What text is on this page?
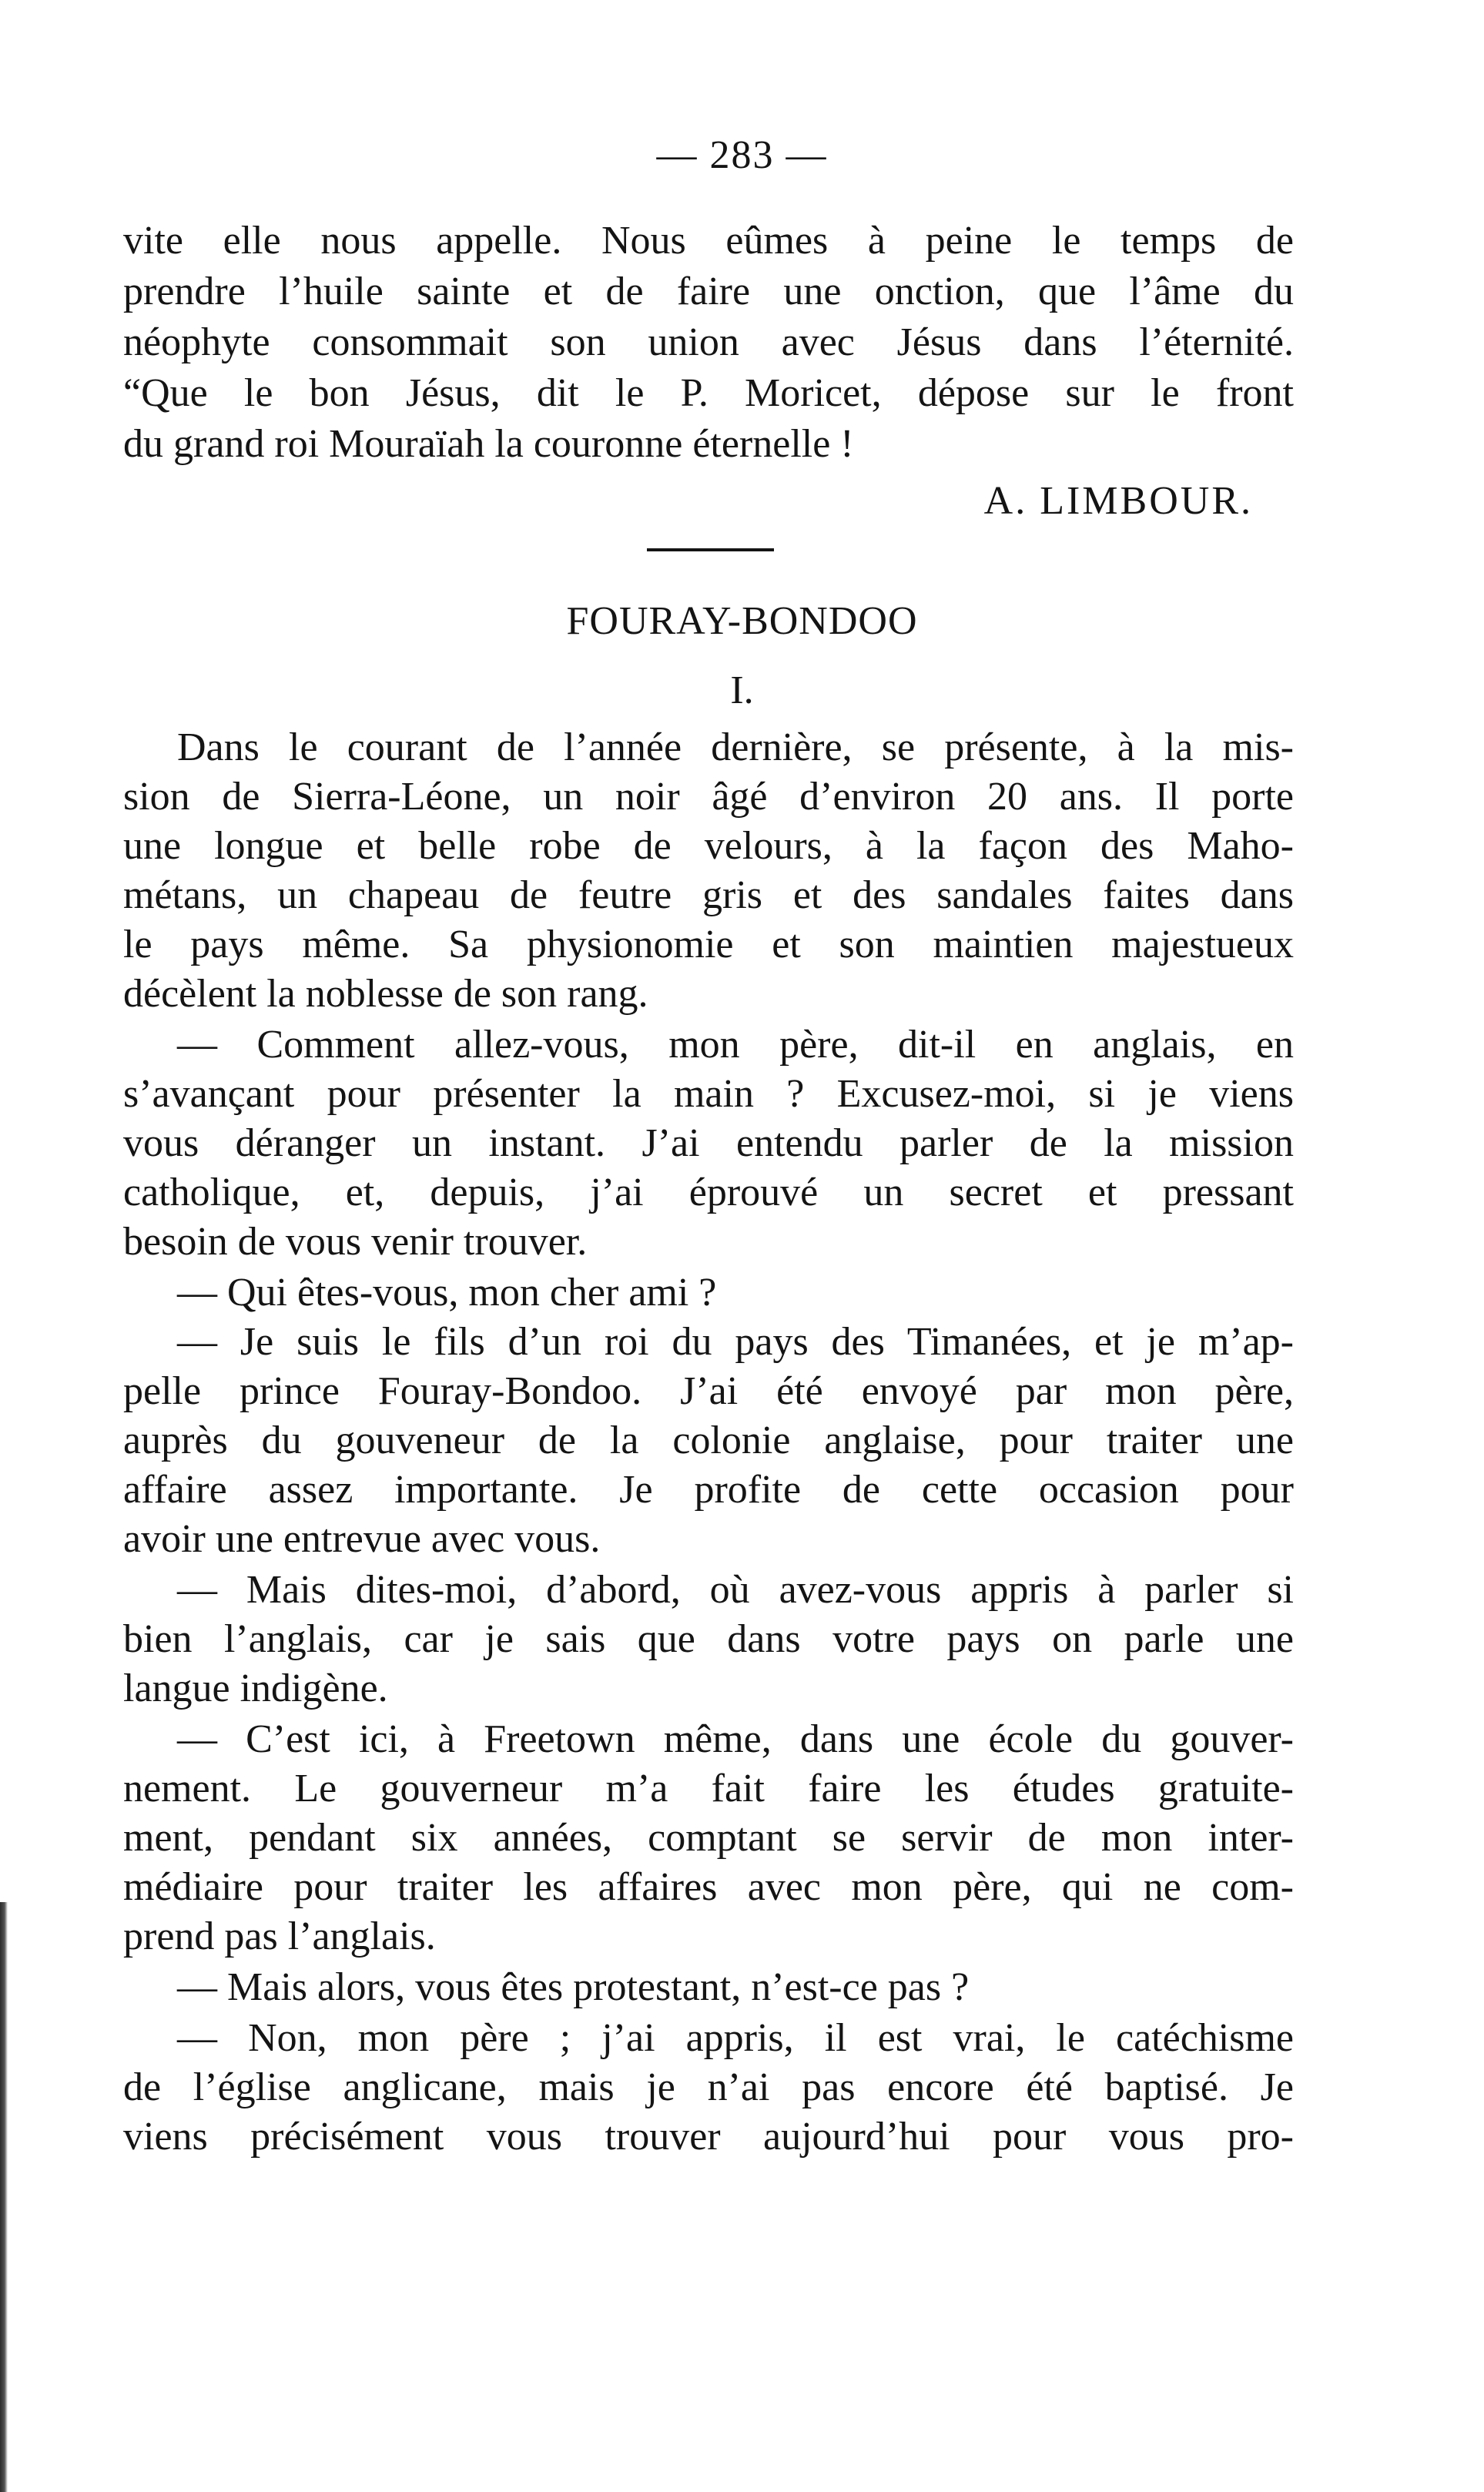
— 283 —
vite elle nous appelle. Nous eûmes à peine le temps de
prendre l’huile sainte et de faire une onction, que l’âme du
néophyte consommait son union avec Jésus dans l’éternité.
“Que le bon Jésus, dit le P. Moricet, dépose sur le front
du grand roi Mouraïah la couronne éternelle !
A. LIMBOUR.
FOURAY-BONDOO
I.
Dans le courant de l’année dernière, se présente, à la mis-
sion de Sierra-Léone, un noir âgé d’environ 20 ans. Il porte
une longue et belle robe de velours, à la façon des Maho-
métans, un chapeau de feutre gris et des sandales faites dans
le pays même. Sa physionomie et son maintien majestueux
décèlent la noblesse de son rang.
— Comment allez-vous, mon père, dit-il en anglais, en
s’avançant pour présenter la main ? Excusez-moi, si je viens
vous déranger un instant. J’ai entendu parler de la mission
catholique, et, depuis, j’ai éprouvé un secret et pressant
besoin de vous venir trouver.
— Qui êtes-vous, mon cher ami ?
— Je suis le fils d’un roi du pays des Timanées, et je m’ap-
pelle prince Fouray-Bondoo. J’ai été envoyé par mon père,
auprès du gouveneur de la colonie anglaise, pour traiter une
affaire assez importante. Je profite de cette occasion pour
avoir une entrevue avec vous.
— Mais dites-moi, d’abord, où avez-vous appris à parler si
bien l’anglais, car je sais que dans votre pays on parle une
langue indigène.
— C’est ici, à Freetown même, dans une école du gouver-
nement. Le gouverneur m’a fait faire les études gratuite-
ment, pendant six années, comptant se servir de mon inter-
médiaire pour traiter les affaires avec mon père, qui ne com-
prend pas l’anglais.
— Mais alors, vous êtes protestant, n’est-ce pas ?
— Non, mon père ; j’ai appris, il est vrai, le catéchisme
de l’église anglicane, mais je n’ai pas encore été baptisé. Je
viens précisément vous trouver aujourd’hui pour vous pro-
